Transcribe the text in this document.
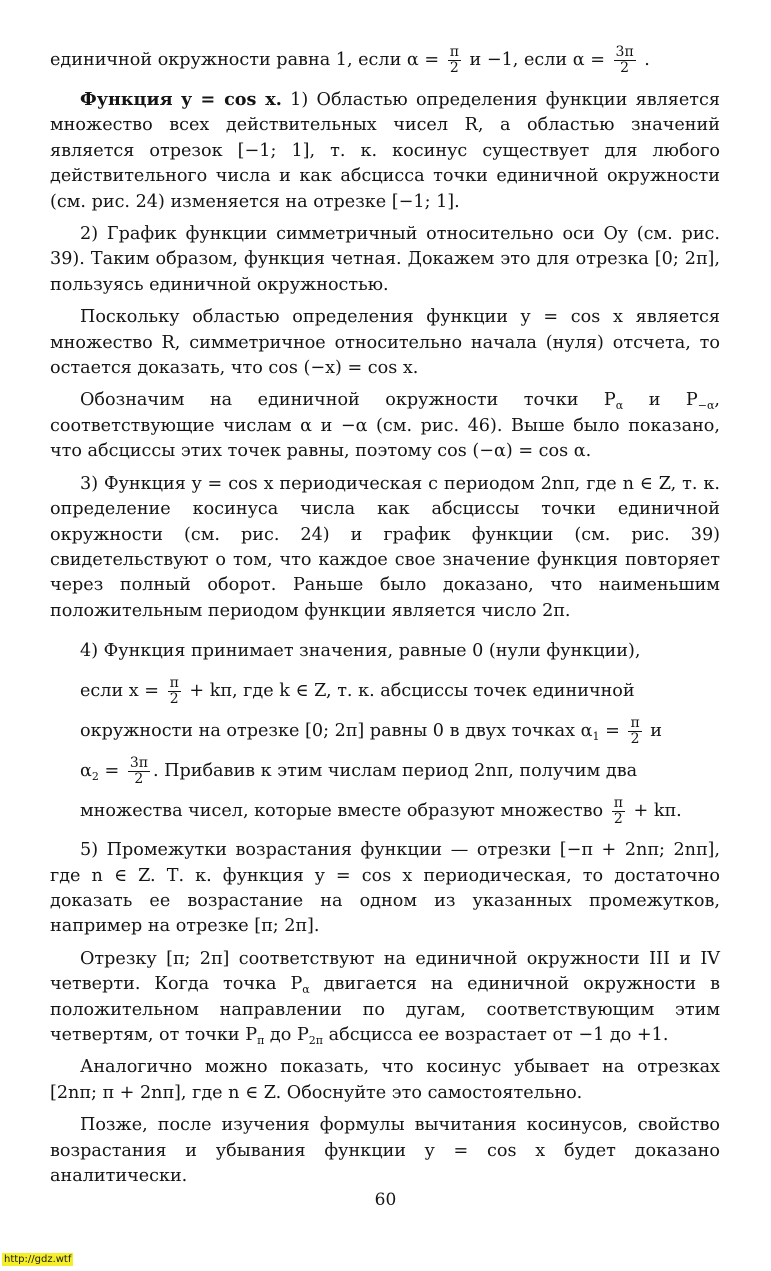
единичной окружности равна 1, если $\alpha = \frac{\pi}{2}$ и −1, если $\alpha = \frac{3\pi}{2}$ .

Функция y = cos x. 1) Областью определения функции является множество всех действительных чисел R, а областью значений является отрезок [−1; 1], т. к. косинус существует для любого действительного числа и как абсцисса точки единичной окружности (см. рис. 24) изменяется на отрезке [−1; 1].

2) График функции симметричный относительно оси Oy (см. рис. 39). Таким образом, функция четная. Докажем это для отрезка [0; 2π], пользуясь единичной окружностью.

Поскольку областью определения функции y = cos x является множество R, симметричное относительно начала (нуля) отсчета, то остается доказать, что cos (−x) = cos x.

Обозначим на единичной окружности точки $P_\alpha$ и $P_{-\alpha}$, соответствующие числам α и −α (см. рис. 46). Выше было показано, что абсциссы этих точек равны, поэтому cos (−α) = cos α.

3) Функция y = cos x периодическая с периодом 2nπ, где n ∈ Z, т. к. определение косинуса числа как абсциссы точки единичной окружности (см. рис. 24) и график функции (см. рис. 39) свидетельствуют о том, что каждое свое значение функция повторяет через полный оборот. Раньше было доказано, что наименьшим положительным периодом функции является число 2π.

4) Функция принимает значения, равные 0 (нули функции),
если $x = \frac{\pi}{2} + k\pi$, где k ∈ Z, т. к. абсциссы точек единичной
окружности на отрезке [0; 2π] равны 0 в двух точках $\alpha_1 = \frac{\pi}{2}$ и
$\alpha_2 = \frac{3\pi}{2}$ . Прибавив к этим числам период 2nπ, получим два
множества чисел, которые вместе образуют множество $\frac{\pi}{2} + k\pi$.

5) Промежутки возрастания функции — отрезки [−π + 2nπ; 2nπ], где n ∈ Z. Т. к. функция y = cos x периодическая, то достаточно доказать ее возрастание на одном из указанных промежутков, например на отрезке [π; 2π].

Отрезку [π; 2π] соответствуют на единичной окружности III и IV четверти. Когда точка $P_\alpha$ двигается на единичной окружности в положительном направлении по дугам, соответствующим этим четвертям, от точки $P_\pi$ до $P_{2\pi}$ абсцисса ее возрастает от −1 до +1.

Аналогично можно показать, что косинус убывает на отрезках [2nπ; π + 2nπ], где n ∈ Z. Обоснуйте это самостоятельно.

Позже, после изучения формулы вычитания косинусов, свойство возрастания и убывания функции y = cos x будет доказано аналитически.

60
http://gdz.wtf
